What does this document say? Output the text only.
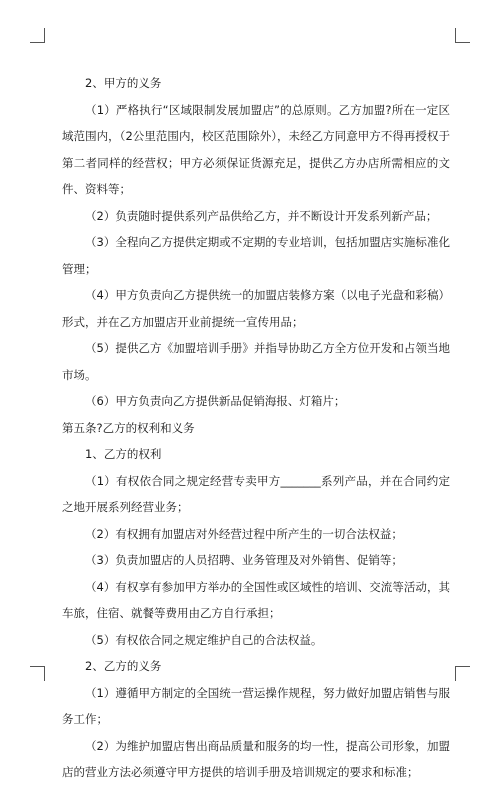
2、甲方的义务

（1）严格执行“区域限制发展加盟店”的总原则。乙方加盟?所在一定区域范围内，（2公里范围内，校区范围除外），未经乙方同意甲方不得再授权于第二者同样的经营权；甲方必须保证货源充足，提供乙方办店所需相应的文件、资料等；

（2）负责随时提供系列产品供给乙方，并不断设计开发系列新产品；

（3）全程向乙方提供定期或不定期的专业培训，包括加盟店实施标准化管理；

（4）甲方负责向乙方提供统一的加盟店装修方案（以电子光盘和彩稿）形式，并在乙方加盟店开业前提统一宣传用品；

（5）提供乙方《加盟培训手册》并指导协助乙方全方位开发和占领当地市场。

（6）甲方负责向乙方提供新品促销海报、灯箱片；

第五条?乙方的权利和义务

1、乙方的权利

（1）有权依合同之规定经营专卖甲方_______系列产品，并在合同约定之地开展系列经营业务；

（2）有权拥有加盟店对外经营过程中所产生的一切合法权益；

（3）负责加盟店的人员招聘、业务管理及对外销售、促销等；

（4）有权享有参加甲方举办的全国性或区域性的培训、交流等活动，其车旅，住宿、就餐等费用由乙方自行承担；

（5）有权依合同之规定维护自己的合法权益。

2、乙方的义务

（1）遵循甲方制定的全国统一营运操作规程，努力做好加盟店销售与服务工作；

（2）为维护加盟店售出商品质量和服务的均一性，提高公司形象，加盟店的营业方法必须遵守甲方提供的培训手册及培训规定的要求和标准；
